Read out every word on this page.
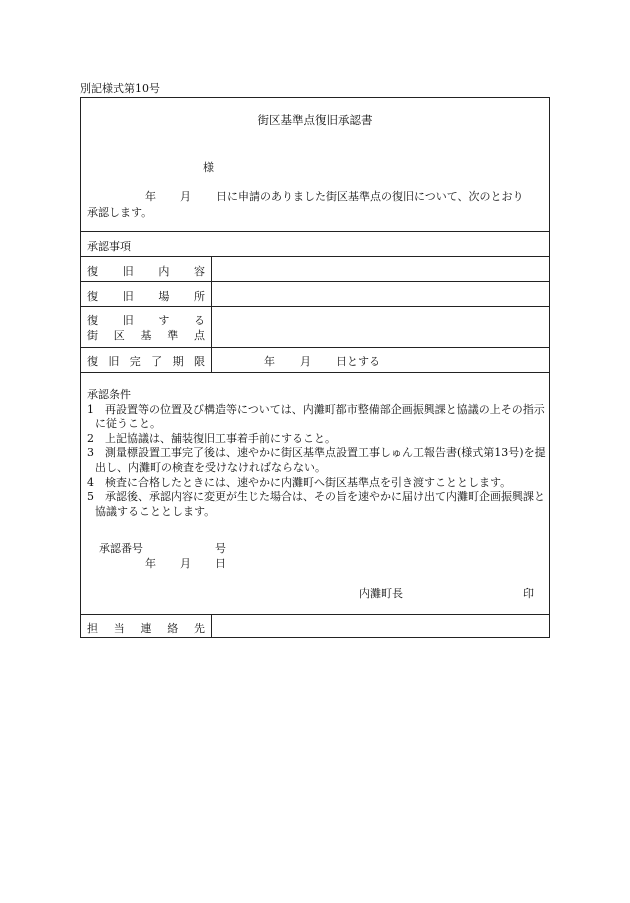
別記様式第10号
街区基準点復旧承認書
様
年 月 日に申請のありました街区基準点の復旧について、次のとおり
承認します。
承認事項
復 旧 内 容
復 旧 場 所
復 旧 す る
街 区 基 準 点
復 旧 完 了 期 限	年 月 日とする

承認条件

1　再設置等の位置及び構造等については、内灘町都市整備部企画振興課と協議の上その指示に従うこと。

2　上記協議は、舗装復旧工事着手前にすること。

3　測量標設置工事完了後は、速やかに街区基準点設置工事しゅん工報告書(様式第13号)を提出し、内灘町の検査を受けなければならない。

4　検査に合格したときには、速やかに内灘町へ街区基準点を引き渡すこととします。

5　承認後、承認内容に変更が生じた場合は、その旨を速やかに届け出て内灘町企画振興課と協議することとします。

承認番号	号
年 月 日
内灘町長	印
担 当 連 絡 先
